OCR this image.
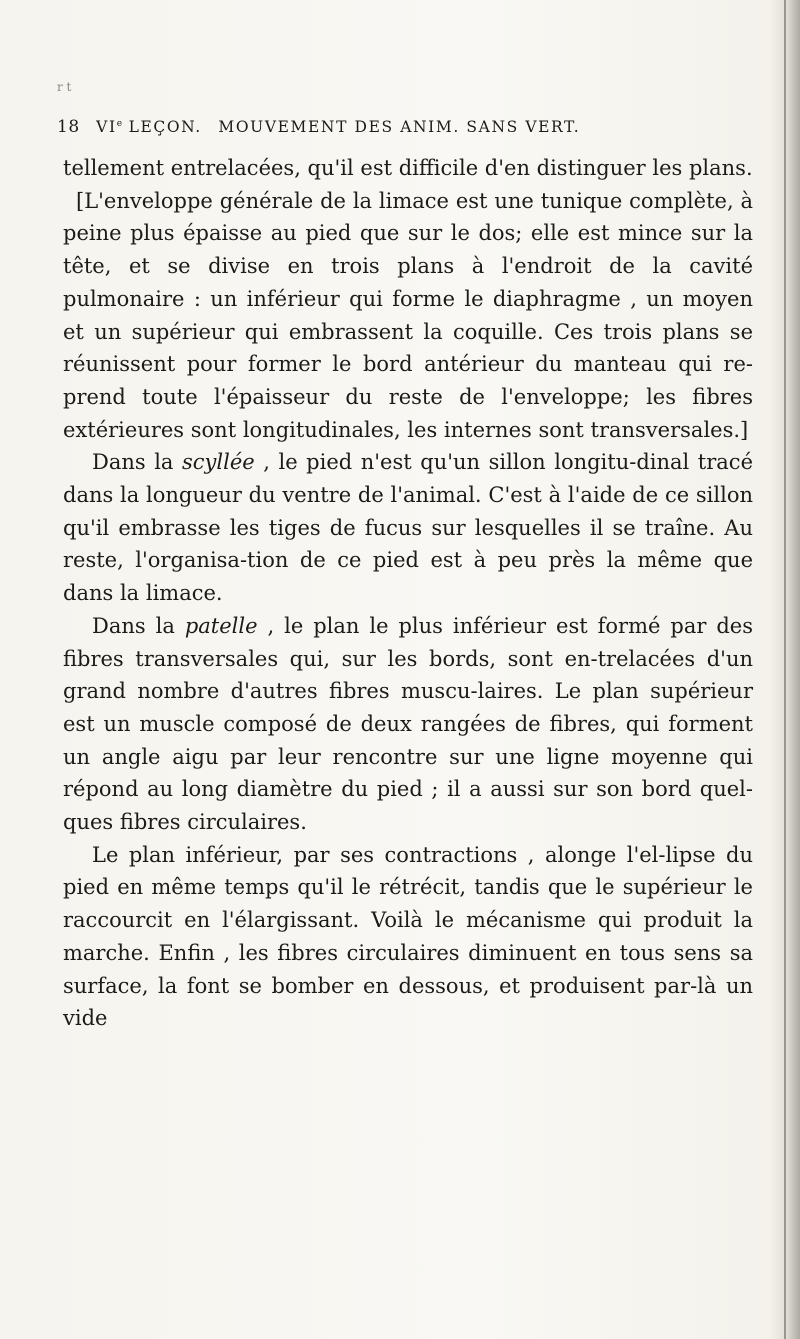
r t
18 VIe LEÇON. MOUVEMENT DES ANIM. SANS VERT.

tellement entrelacées, qu'il est difficile d'en distinguer les plans.

[L'enveloppe générale de la limace est une tunique complète, à peine plus épaisse au pied que sur le dos; elle est mince sur la tête, et se divise en trois plans à l'endroit de la cavité pulmonaire : un inférieur qui forme le diaphragme , un moyen et un supérieur qui embrassent la coquille. Ces trois plans se réunissent pour former le bord antérieur du manteau qui re-prend toute l'épaisseur du reste de l'enveloppe; les fibres extérieures sont longitudinales, les internes sont transversales.]

Dans la scyllée , le pied n'est qu'un sillon longitu-dinal tracé dans la longueur du ventre de l'animal. C'est à l'aide de ce sillon qu'il embrasse les tiges de fucus sur lesquelles il se traîne. Au reste, l'organisa-tion de ce pied est à peu près la même que dans la limace.

Dans la patelle , le plan le plus inférieur est formé par des fibres transversales qui, sur les bords, sont en-trelacées d'un grand nombre d'autres fibres muscu-laires. Le plan supérieur est un muscle composé de deux rangées de fibres, qui forment un angle aigu par leur rencontre sur une ligne moyenne qui répond au long diamètre du pied ; il a aussi sur son bord quel-ques fibres circulaires.

Le plan inférieur, par ses contractions , alonge l'el-lipse du pied en même temps qu'il le rétrécit, tandis que le supérieur le raccourcit en l'élargissant. Voilà le mécanisme qui produit la marche. Enfin , les fibres circulaires diminuent en tous sens sa surface, la font se bomber en dessous, et produisent par-là un vide
